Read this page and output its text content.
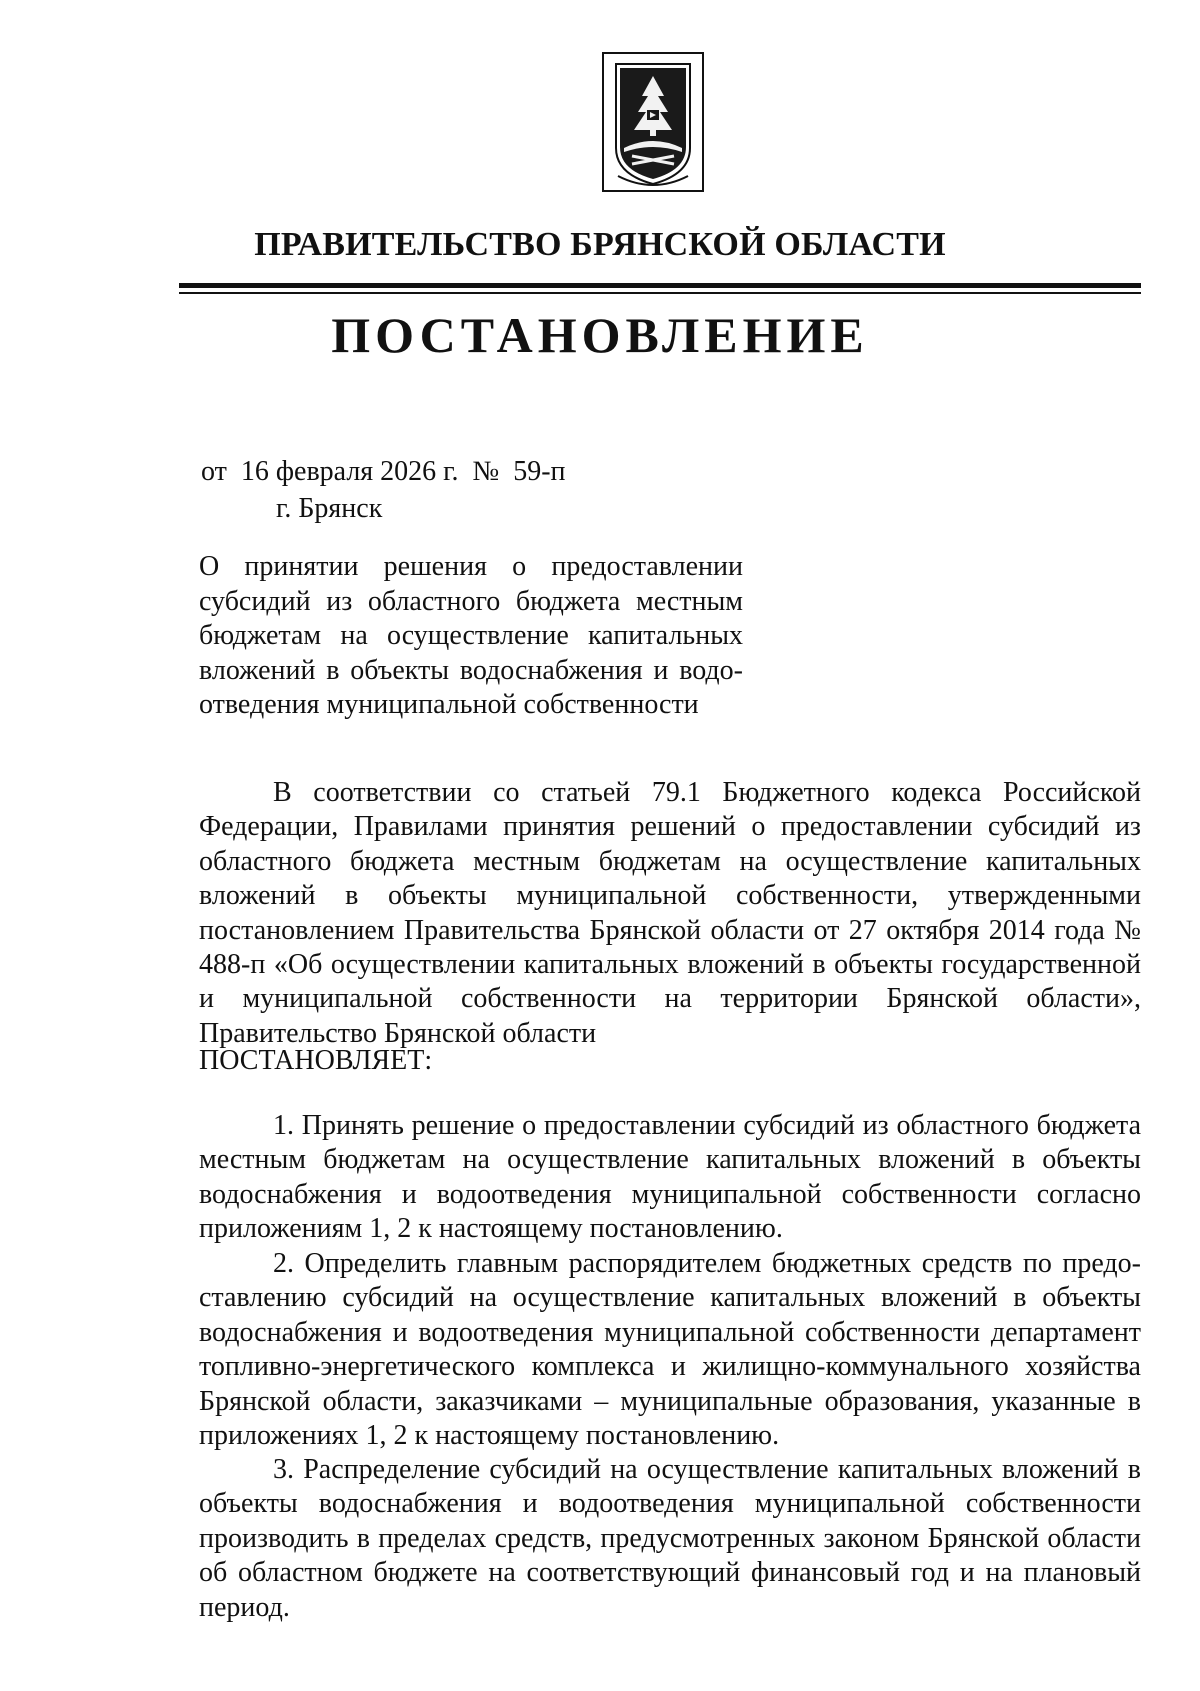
ПРАВИТЕЛЬСТВО БРЯНСКОЙ ОБЛАСТИ
ПОСТАНОВЛЕНИЕ
от  16 февраля 2026 г.  №  59-п
г. Брянск
О принятии решения о предоставлении субсидий из областного бюджета местным бюджетам на осуществление капитальных вложений в объекты водоснабжения и водоотведения муниципальной собственности

В соответствии со статьей 79.1 Бюджетного кодекса Российской Федерации, Правилами принятия решений о предоставлении субсидий из областного бюджета местным бюджетам на осуществление капитальных вложений в объекты муниципальной собственности, утвержденными постановлением Правительства Брянской области от 27 октября 2014 года № 488-п «Об осуществлении капитальных вложений в объекты государственной и муниципальной собственности на территории Брянской области», Правительство Брянской области

ПОСТАНОВЛЯЕТ:

1. Принять решение о предоставлении субсидий из областного бюджета местным бюджетам на осуществление капитальных вложений в объекты водоснабжения и водоотведения муниципальной собственности согласно приложениям 1, 2 к настоящему постановлению.

2. Определить главным распорядителем бюджетных средств по предоставлению субсидий на осуществление капитальных вложений в объекты водоснабжения и водоотведения муниципальной собственности департамент топливно-энергетического комплекса и жилищно-коммунального хозяйства Брянской области, заказчиками – муниципальные образования, указанные в приложениях 1, 2 к настоящему постановлению.

3. Распределение субсидий на осуществление капитальных вложений в объекты водоснабжения и водоотведения муниципальной собственности производить в пределах средств, предусмотренных законом Брянской области об областном бюджете на соответствующий финансовый год и на плановый период.
